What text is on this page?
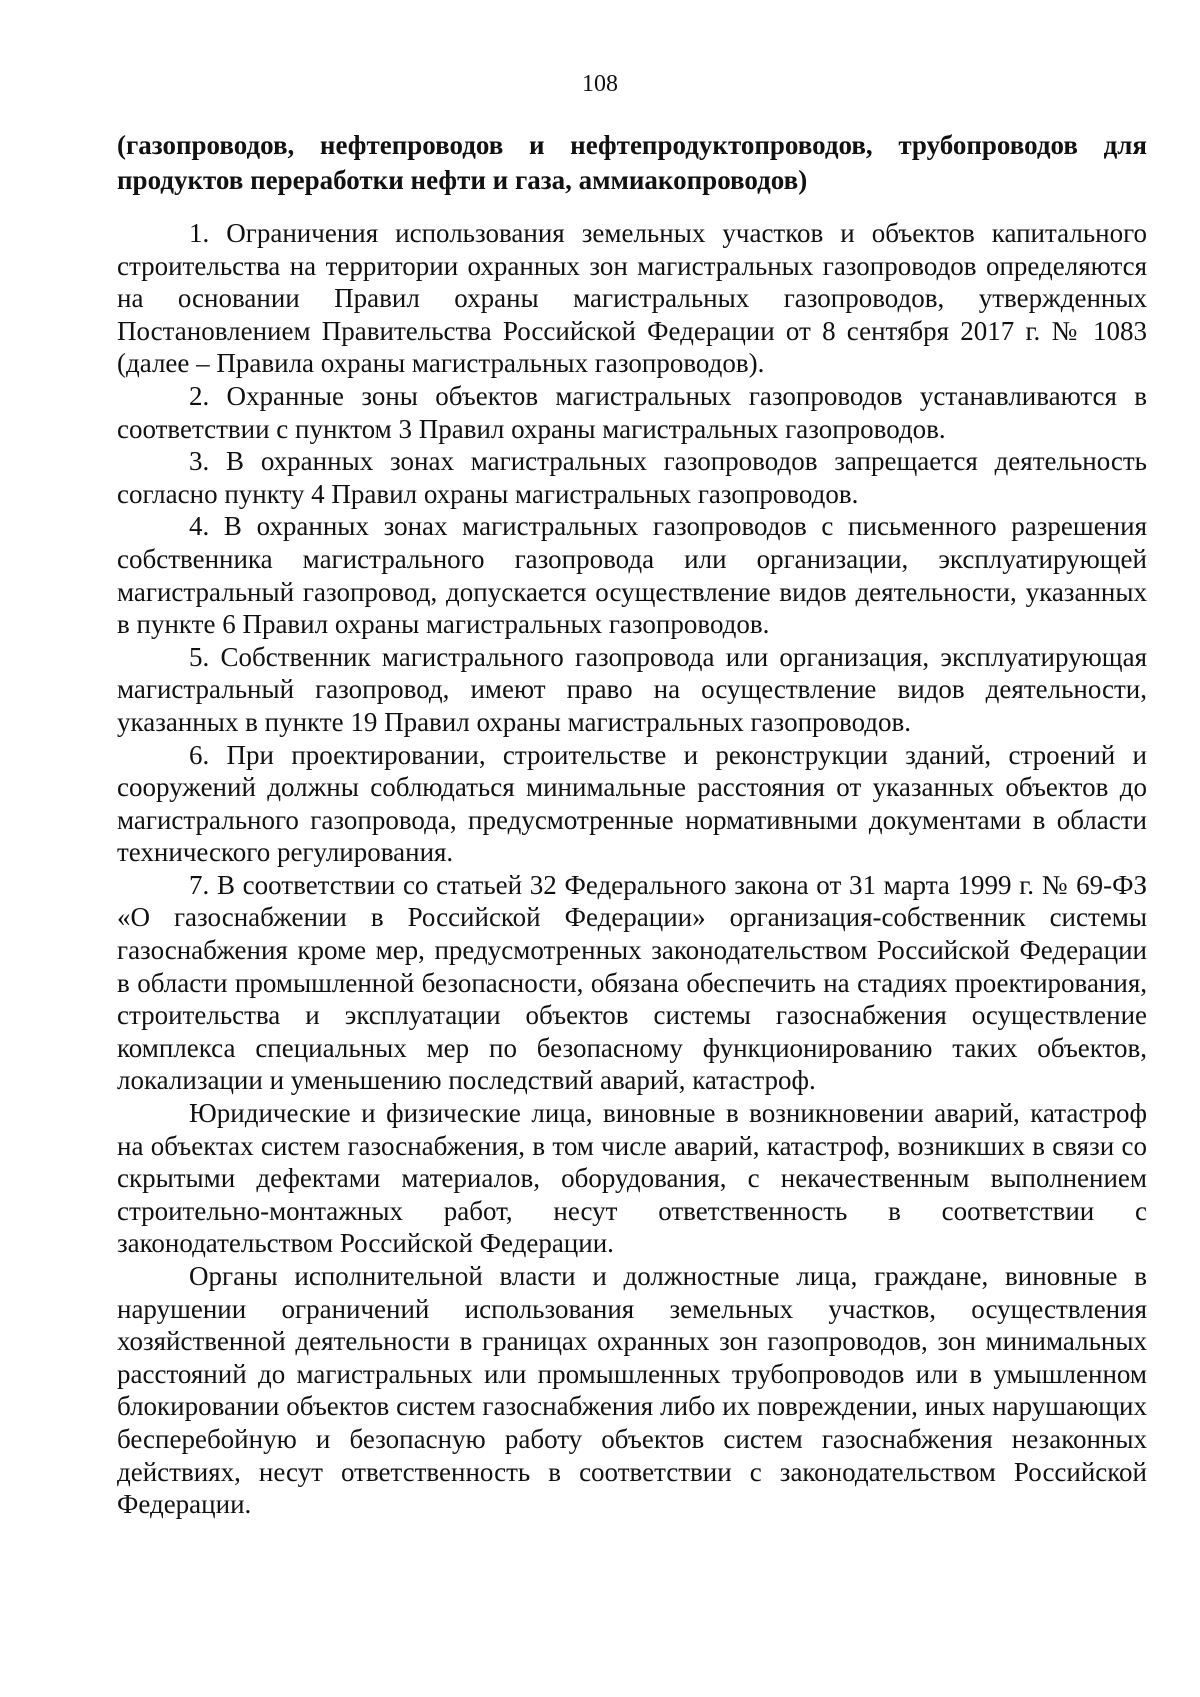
108
(газопроводов, нефтепроводов и нефтепродуктопроводов, трубопроводов для продуктов переработки нефти и газа, аммиакопроводов)

1. Ограничения использования земельных участков и объектов капитального строительства на территории охранных зон магистральных газопроводов определяются на основании Правил охраны магистральных газопроводов, утвержденных Постановлением Правительства Российской Федерации от 8 сентября 2017 г. № 1083 (далее – Правила охраны магистральных газопроводов).

2. Охранные зоны объектов магистральных газопроводов устанавливаются в соответствии с пунктом 3 Правил охраны магистральных газопроводов.

3. В охранных зонах магистральных газопроводов запрещается деятельность согласно пункту 4 Правил охраны магистральных газопроводов.

4. В охранных зонах магистральных газопроводов с письменного разрешения собственника магистрального газопровода или организации, эксплуатирующей магистральный газопровод, допускается осуществление видов деятельности, указанных в пункте 6 Правил охраны магистральных газопроводов.

5. Собственник магистрального газопровода или организация, эксплуатирующая магистральный газопровод, имеют право на осуществление видов деятельности, указанных в пункте 19 Правил охраны магистральных газопроводов.

6. При проектировании, строительстве и реконструкции зданий, строений и сооружений должны соблюдаться минимальные расстояния от указанных объектов до магистрального газопровода, предусмотренные нормативными документами в области технического регулирования.

7. В соответствии со статьей 32 Федерального закона от 31 марта 1999 г. № 69-ФЗ «О газоснабжении в Российской Федерации» организация-собственник системы газоснабжения кроме мер, предусмотренных законодательством Российской Федерации в области промышленной безопасности, обязана обеспечить на стадиях проектирования, строительства и эксплуатации объектов системы газоснабжения осуществление комплекса специальных мер по безопасному функционированию таких объектов, локализации и уменьшению последствий аварий, катастроф.

Юридические и физические лица, виновные в возникновении аварий, катастроф на объектах систем газоснабжения, в том числе аварий, катастроф, возникших в связи со скрытыми дефектами материалов, оборудования, с некачественным выполнением строительно-монтажных работ, несут ответственность в соответствии с законодательством Российской Федерации.

Органы исполнительной власти и должностные лица, граждане, виновные в нарушении ограничений использования земельных участков, осуществления хозяйственной деятельности в границах охранных зон газопроводов, зон минимальных расстояний до магистральных или промышленных трубопроводов или в умышленном блокировании объектов систем газоснабжения либо их повреждении, иных нарушающих бесперебойную и безопасную работу объектов систем газоснабжения незаконных действиях, несут ответственность в соответствии с законодательством Российской Федерации.
